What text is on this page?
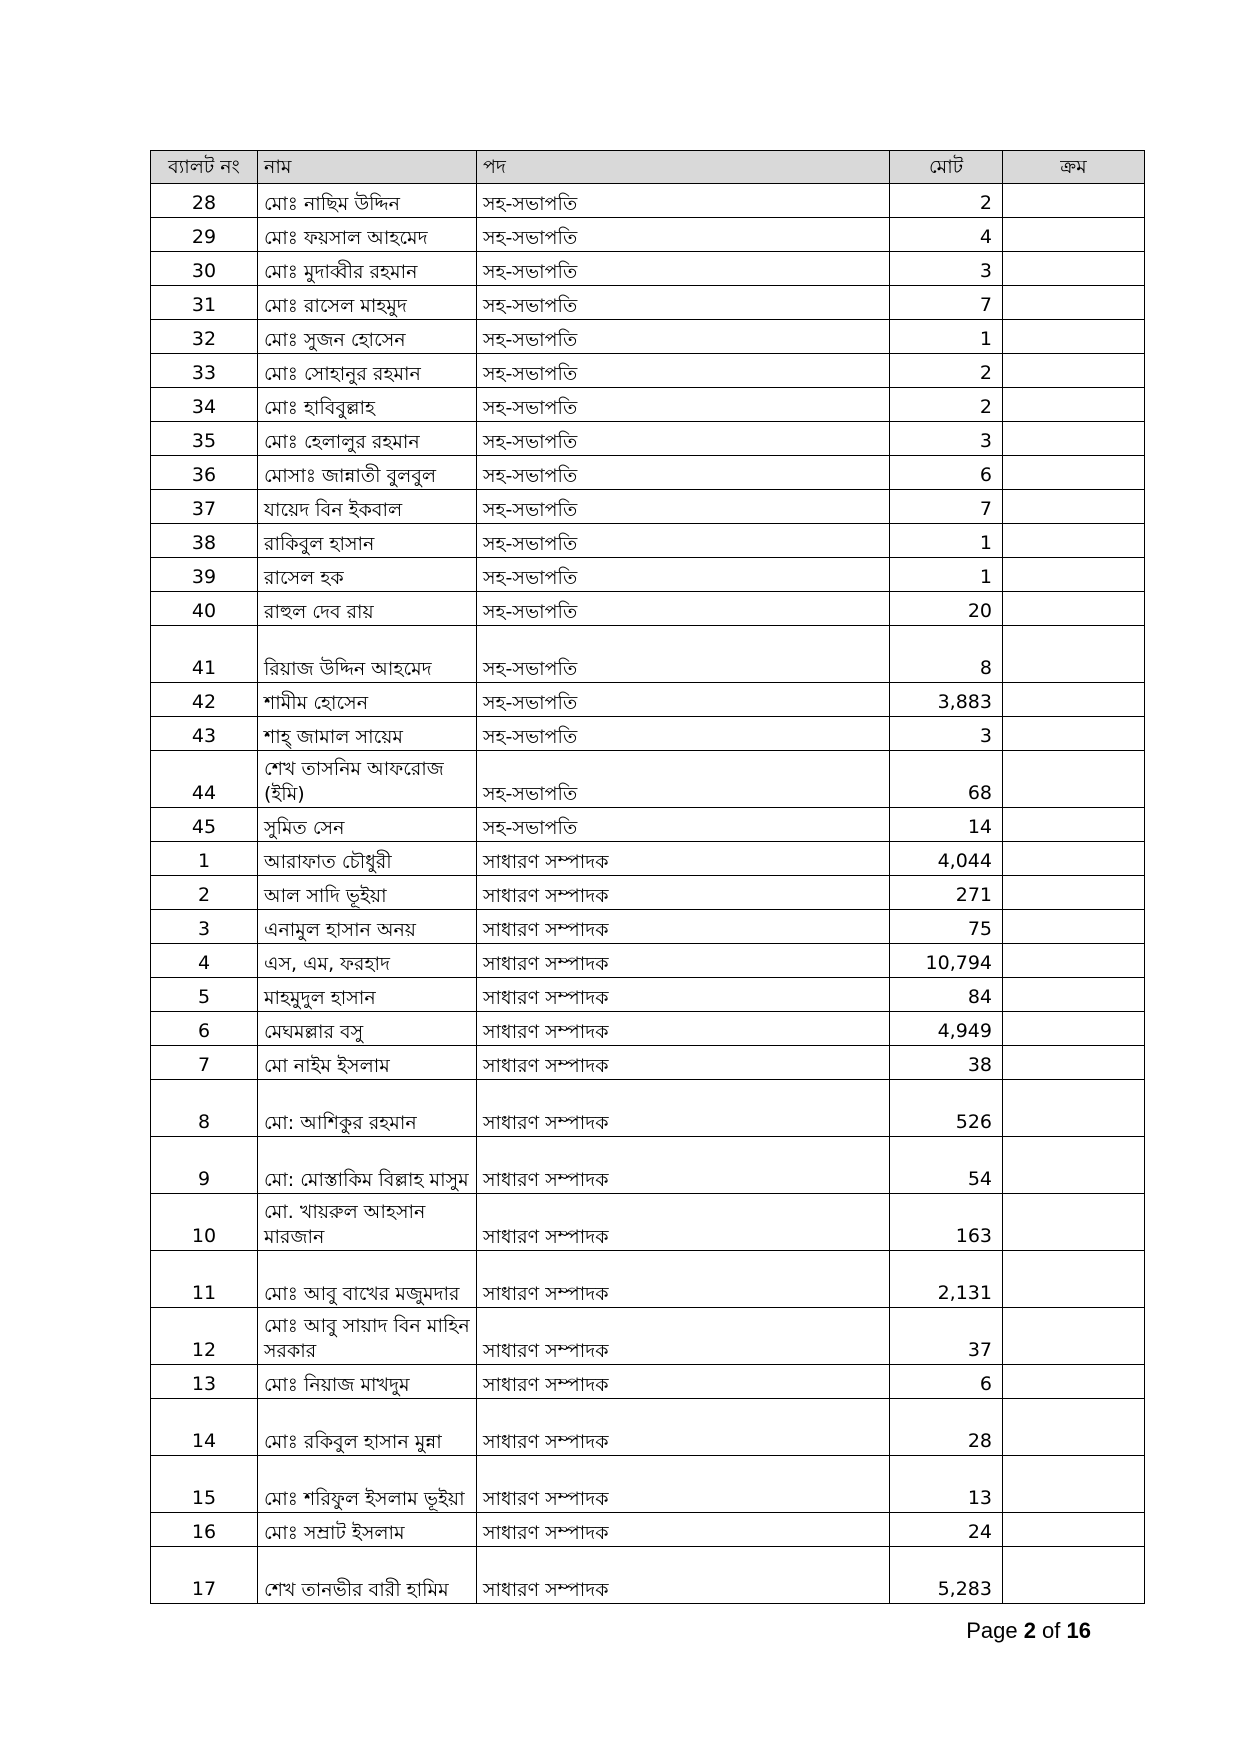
ব্যালট নং	নাম	পদ	মোট	ক্রম
28	মোঃ নাছিম উদ্দিন	সহ-সভাপতি	2	
29	মোঃ ফয়সাল আহমেদ	সহ-সভাপতি	4	
30	মোঃ মুদাব্বীর রহমান	সহ-সভাপতি	3	
31	মোঃ রাসেল মাহমুদ	সহ-সভাপতি	7	
32	মোঃ সুজন হোসেন	সহ-সভাপতি	1	
33	মোঃ সোহানুর রহমান	সহ-সভাপতি	2	
34	মোঃ হাবিবুল্লাহ	সহ-সভাপতি	2	
35	মোঃ হেলালুর রহমান	সহ-সভাপতি	3	
36	মোসাঃ জান্নাতী বুলবুল	সহ-সভাপতি	6	
37	যায়েদ বিন ইকবাল	সহ-সভাপতি	7	
38	রাকিবুল হাসান	সহ-সভাপতি	1	
39	রাসেল হক	সহ-সভাপতি	1	
40	রাহুল দেব রায়	সহ-সভাপতি	20	
41	রিয়াজ উদ্দিন আহমেদ	সহ-সভাপতি	8	
42	শামীম হোসেন	সহ-সভাপতি	3,883	
43	শাহ্ জামাল সায়েম	সহ-সভাপতি	3	
44	শেখ তাসনিম আফরোজ (ইমি)	সহ-সভাপতি	68	
45	সুমিত সেন	সহ-সভাপতি	14	
1	আরাফাত চৌধুরী	সাধারণ সম্পাদক	4,044	
2	আল সাদি ভূইয়া	সাধারণ সম্পাদক	271	
3	এনামুল হাসান অনয়	সাধারণ সম্পাদক	75	
4	এস, এম, ফরহাদ	সাধারণ সম্পাদক	10,794	
5	মাহমুদুল হাসান	সাধারণ সম্পাদক	84	
6	মেঘমল্লার বসু	সাধারণ সম্পাদক	4,949	
7	মো নাইম ইসলাম	সাধারণ সম্পাদক	38	
8	মো: আশিকুর রহমান	সাধারণ সম্পাদক	526	
9	মো: মোস্তাকিম বিল্লাহ মাসুম	সাধারণ সম্পাদক	54	
10	মো. খায়রুল আহসান মারজান	সাধারণ সম্পাদক	163	
11	মোঃ আবু বাখের মজুমদার	সাধারণ সম্পাদক	2,131	
12	মোঃ আবু সায়াদ বিন মাহিন সরকার	সাধারণ সম্পাদক	37	
13	মোঃ নিয়াজ মাখদুম	সাধারণ সম্পাদক	6	
14	মোঃ রকিবুল হাসান মুন্না	সাধারণ সম্পাদক	28	
15	মোঃ শরিফুল ইসলাম ভূইয়া	সাধারণ সম্পাদক	13	
16	মোঃ সম্রাট ইসলাম	সাধারণ সম্পাদক	24	
17	শেখ তানভীর বারী হামিম	সাধারণ সম্পাদক	5,283	
Page 2 of 16
